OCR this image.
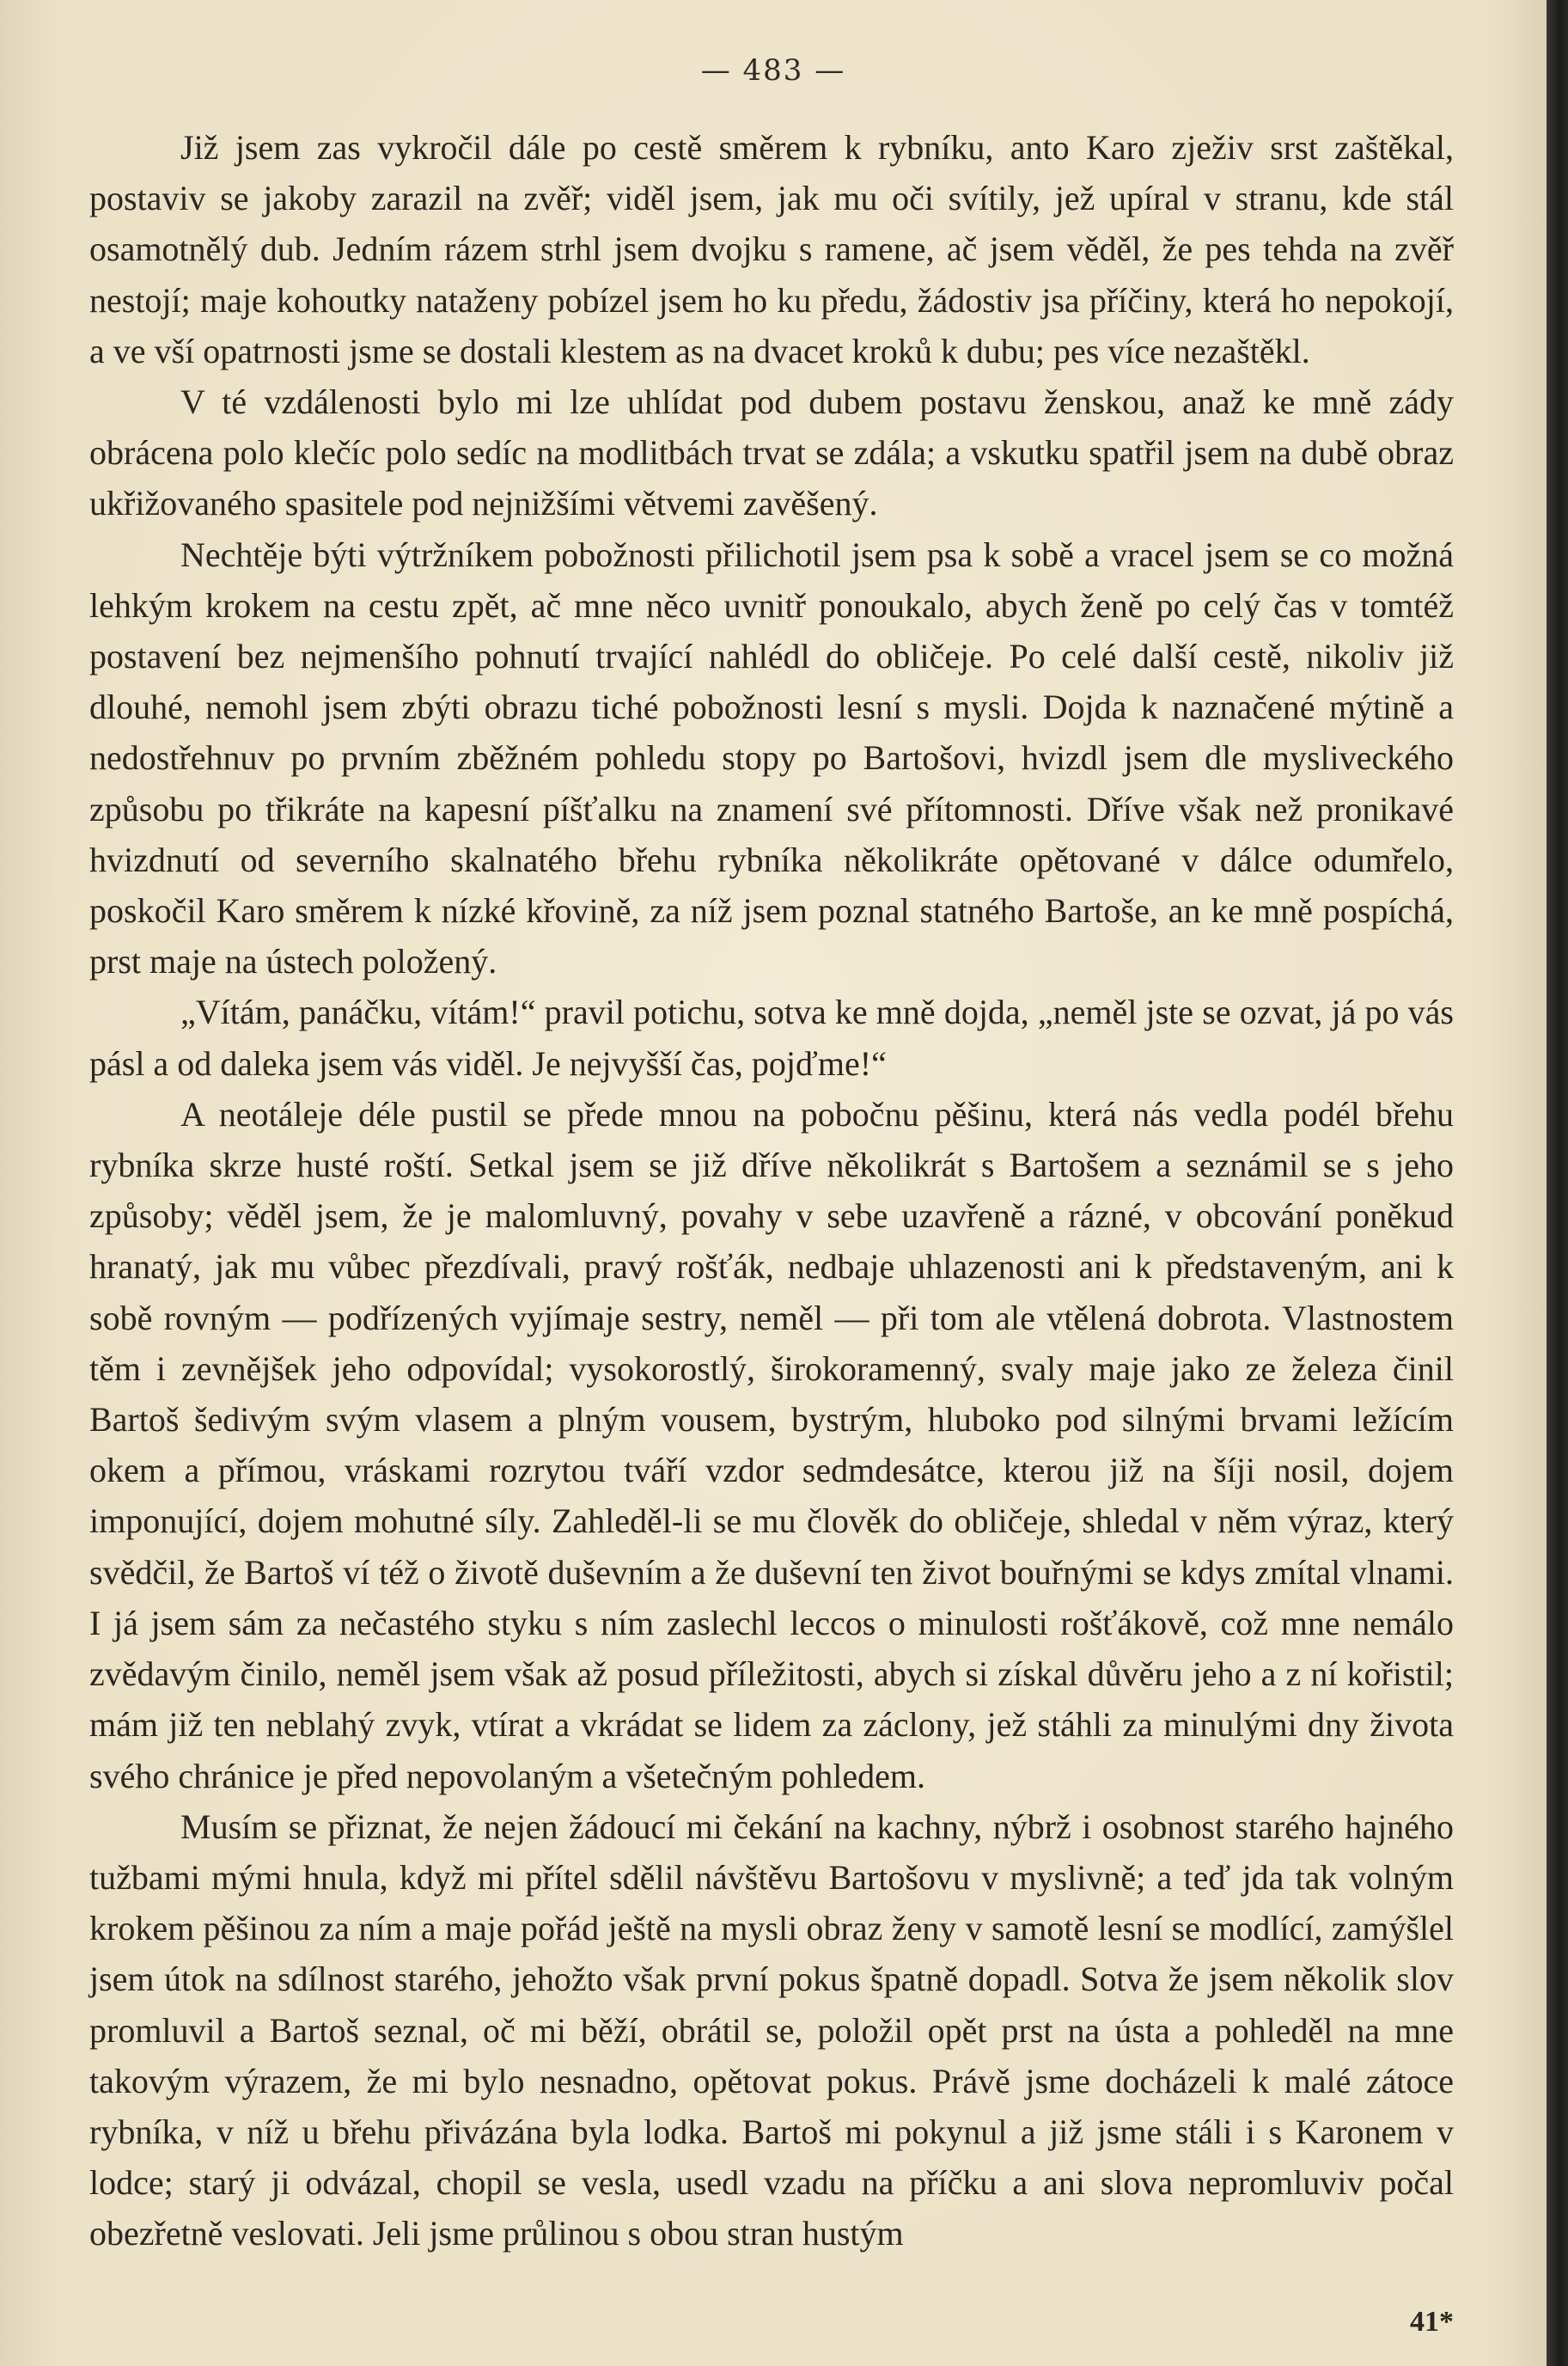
— 483 —

Již jsem zas vykročil dále po cestě směrem k rybníku, anto Karo zježiv srst zaštěkal, postaviv se jakoby zarazil na zvěř; viděl jsem, jak mu oči svítily, jež upíral v stranu, kde stál osamotnělý dub. Jedním rázem strhl jsem dvojku s ramene, ač jsem věděl, že pes tehda na zvěř nestojí; maje kohoutky nataženy pobízel jsem ho ku předu, žádostiv jsa příčiny, která ho nepokojí, a ve vší opatrnosti jsme se dostali klestem as na dvacet kroků k dubu; pes více nezaštěkl.

V té vzdálenosti bylo mi lze uhlídat pod dubem postavu ženskou, anaž ke mně zády obrácena polo klečíc polo sedíc na modlitbách trvat se zdála; a vskutku spatřil jsem na dubě obraz ukřižovaného spasitele pod nejnižšími větvemi zavěšený.

Nechtěje býti výtržníkem pobožnosti přilichotil jsem psa k sobě a vracel jsem se co možná lehkým krokem na cestu zpět, ač mne něco uvnitř ponoukalo, abych ženě po celý čas v tomtéž postavení bez nejmenšího pohnutí trvající nahlédl do obličeje. Po celé další cestě, nikoliv již dlouhé, nemohl jsem zbýti obrazu tiché pobožnosti lesní s mysli. Dojda k naznačené mýtině a nedostřehnuv po prvním zběžném pohledu stopy po Bartošovi, hvizdl jsem dle mysliveckého způsobu po třikráte na kapesní píšťalku na znamení své přítomnosti. Dříve však než pronikavé hvizdnutí od severního skalnatého břehu rybníka několikráte opětované v dálce odumřelo, poskočil Karo směrem k nízké křovině, za níž jsem poznal statného Bartoše, an ke mně pospíchá, prst maje na ústech položený.

„Vítám, panáčku, vítám!“ pravil potichu, sotva ke mně dojda, „neměl jste se ozvat, já po vás pásl a od daleka jsem vás viděl. Je nejvyšší čas, pojďme!“

A neotáleje déle pustil se přede mnou na pobočnu pěšinu, která nás vedla podél břehu rybníka skrze husté roští. Setkal jsem se již dříve několikrát s Bartošem a seznámil se s jeho způsoby; věděl jsem, že je malomluvný, povahy v sebe uzavřeně a rázné, v obcování poněkud hranatý, jak mu vůbec přezdívali, pravý rošťák, nedbaje uhlazenosti ani k představeným, ani k sobě rovným — podřízených vyjímaje sestry, neměl — při tom ale vtělená dobrota. Vlastnostem těm i zevnějšek jeho odpovídal; vysokorostlý, širokoramenný, svaly maje jako ze železa činil Bartoš šedivým svým vlasem a plným vousem, bystrým, hluboko pod silnými brvami ležícím okem a přímou, vráskami rozrytou tváří vzdor sedmdesátce, kterou již na šíji nosil, dojem imponující, dojem mohutné síly. Zahleděl-li se mu člověk do obličeje, shledal v něm výraz, který svědčil, že Bartoš ví též o životě duševním a že duševní ten život bouřnými se kdys zmítal vlnami. I já jsem sám za nečastého styku s ním zaslechl leccos o minulosti rošťákově, což mne nemálo zvědavým činilo, neměl jsem však až posud příležitosti, abych si získal důvěru jeho a z ní kořistil; mám již ten neblahý zvyk, vtírat a vkrádat se lidem za záclony, jež stáhli za minulými dny života svého chránice je před nepovolaným a všetečným pohledem.

Musím se přiznat, že nejen žádoucí mi čekání na kachny, nýbrž i osobnost starého hajného tužbami mými hnula, když mi přítel sdělil návštěvu Bartošovu v myslivně; a teď jda tak volným krokem pěšinou za ním a maje pořád ještě na mysli obraz ženy v samotě lesní se modlící, zamýšlel jsem útok na sdílnost starého, jehožto však první pokus špatně dopadl. Sotva že jsem několik slov promluvil a Bartoš seznal, oč mi běží, obrátil se, položil opět prst na ústa a pohleděl na mne takovým výrazem, že mi bylo nesnadno, opětovat pokus. Právě jsme docházeli k malé zátoce rybníka, v níž u břehu přivázána byla lodka. Bartoš mi pokynul a již jsme stáli i s Karonem v lodce; starý ji odvázal, chopil se vesla, usedl vzadu na příčku a ani slova nepromluviv počal obezřetně veslovati. Jeli jsme průlinou s obou stran hustým

41*
